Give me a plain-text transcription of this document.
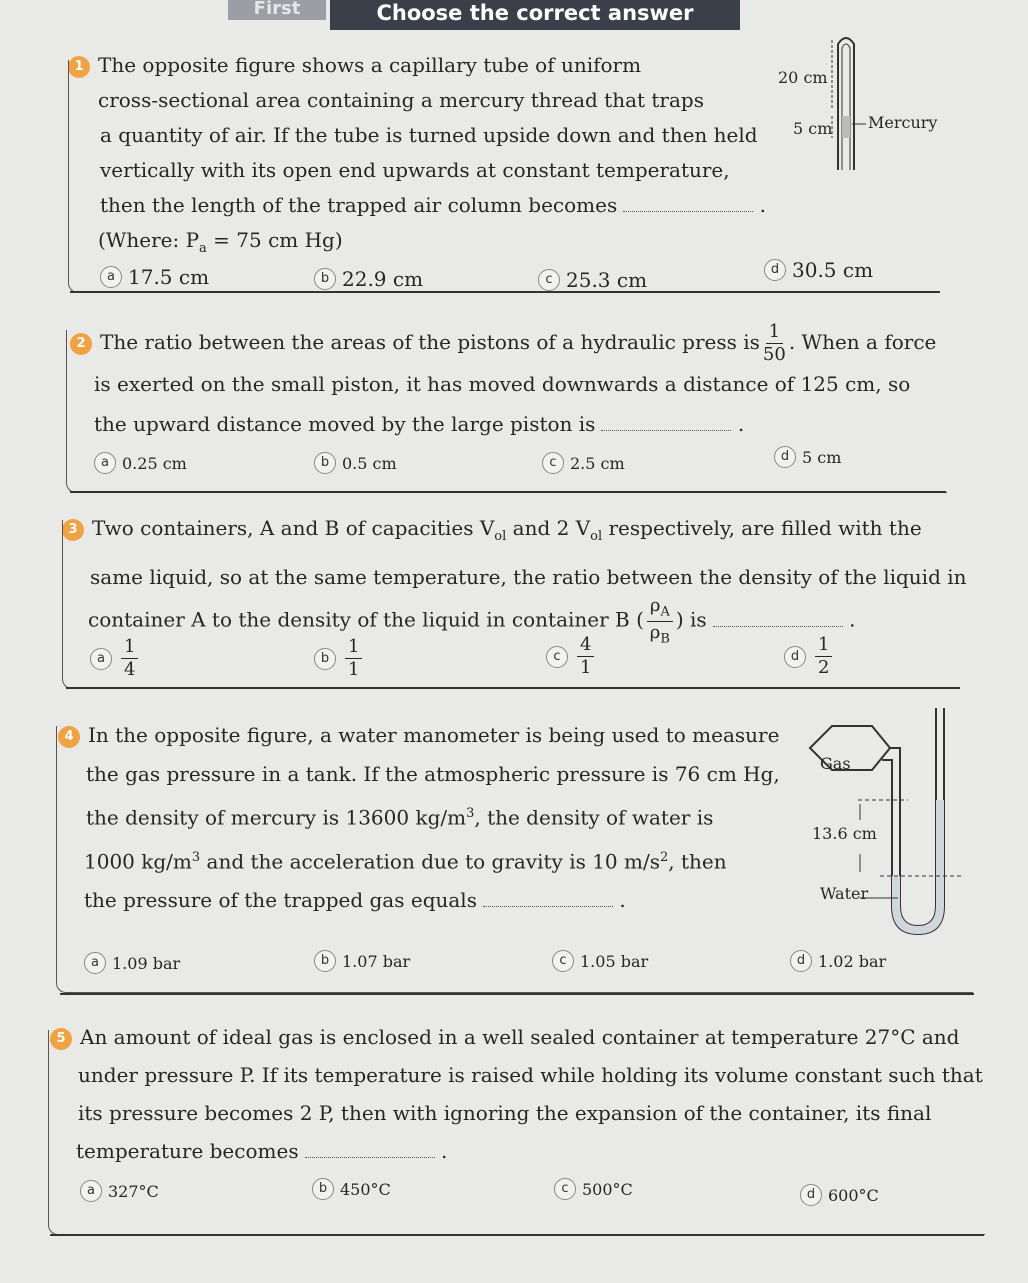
First	Choose the correct answer
1 The opposite figure shows a capillary tube of uniform
cross-sectional area containing a mercury thread that traps
a quantity of air. If the tube is turned upside down and then held
vertically with its open end upwards at constant temperature,
then the length of the trapped air column becomes	.
(Where: $P_a = 75$ cm Hg)
a 17.5 cm	b 22.9 cm	c 25.3 cm	d 30.5 cm
20 cm
5 cm Mercury
2 The ratio between the areas of the pistons of a hydraulic press is $\frac{1}{50}$ . When a force
is exerted on the small piston, it has moved downwards a distance of 125 cm, so
the upward distance moved by the large piston is	.
a 0.25 cm	b 0.5 cm	c 2.5 cm	d 5 cm
3 Two containers, A and B of capacities $V_{ol}$ and 2 $V_{ol}$ respectively, are filled with the
same liquid, so at the same temperature, the ratio between the density of the liquid in
container A to the density of the liquid in container B ( $\frac{\rho_A}{\rho_B}$ ) is	.
a $\frac{1}{4}$	b $\frac{1}{1}$	c $\frac{4}{1}$	d $\frac{1}{2}$
4 In the opposite figure, a water manometer is being used to measure
the gas pressure in a tank. If the atmospheric pressure is 76 cm Hg,
the density of mercury is 13600 $kg/m^3$, the density of water is
1000 $kg/m^3$ and the acceleration due to gravity is 10 $m/s^2$, then
the pressure of the trapped gas equals	.
Gas
13.6 cm
Water
a 1.09 bar	b 1.07 bar	c 1.05 bar	d 1.02 bar
5 An amount of ideal gas is enclosed in a well sealed container at temperature 27°C and
under pressure P. If its temperature is raised while holding its volume constant such that
its pressure becomes 2 P, then with ignoring the expansion of the container, its final
temperature becomes	.
a 327°C	b 450°C	c 500°C	d 600°C
